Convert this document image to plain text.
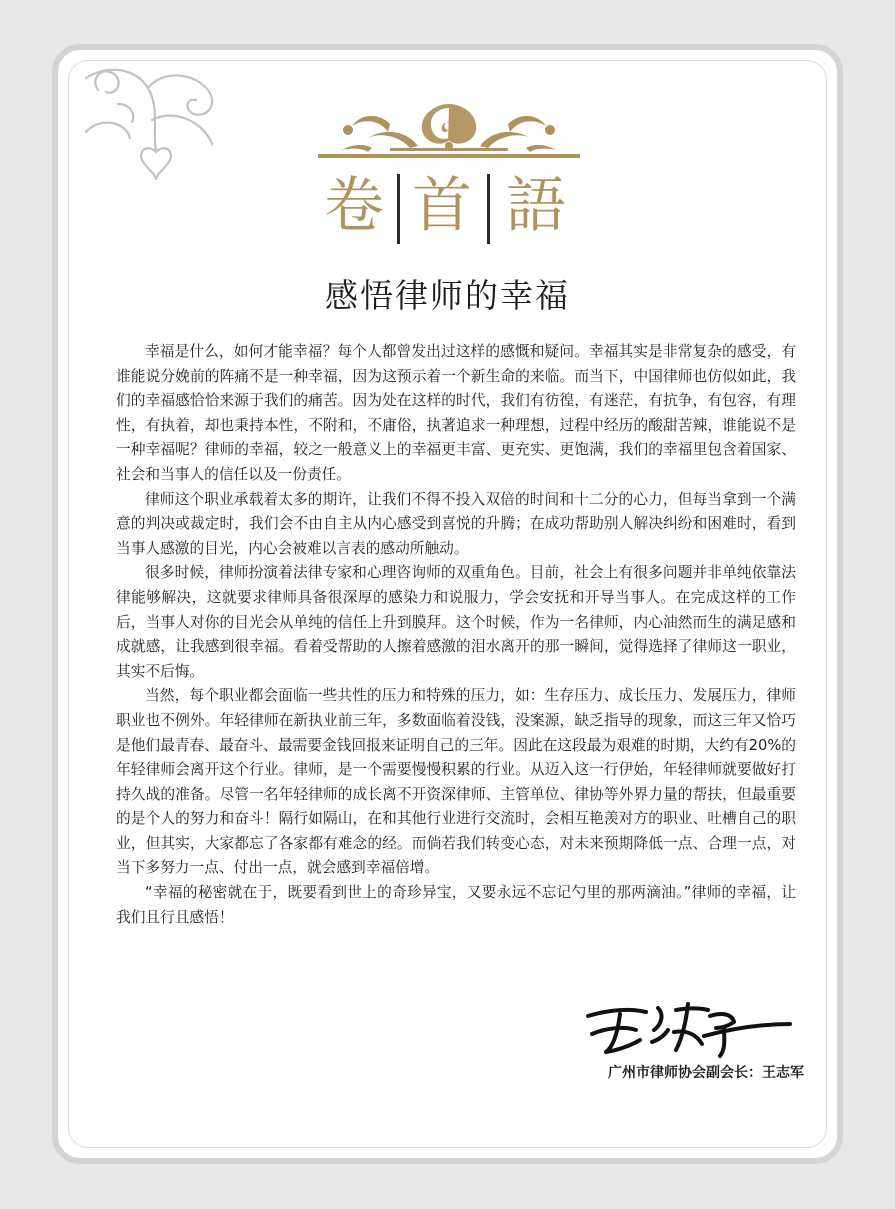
卷 首 語
感悟律师的幸福

幸福是什么，如何才能幸福？每个人都曾发出过这样的感慨和疑问。幸福其实是非常复杂的感受，有谁能说分娩前的阵痛不是一种幸福，因为这预示着一个新生命的来临。而当下，中国律师也仿似如此，我们的幸福感恰恰来源于我们的痛苦。因为处在这样的时代，我们有彷徨，有迷茫，有抗争，有包容，有理性，有执着，却也秉持本性，不附和，不庸俗，执著追求一种理想，过程中经历的酸甜苦辣，谁能说不是一种幸福呢？律师的幸福，较之一般意义上的幸福更丰富、更充实、更饱满，我们的幸福里包含着国家、社会和当事人的信任以及一份责任。

律师这个职业承载着太多的期许，让我们不得不投入双倍的时间和十二分的心力，但每当拿到一个满意的判决或裁定时，我们会不由自主从内心感受到喜悦的升腾；在成功帮助别人解决纠纷和困难时，看到当事人感激的目光，内心会被难以言表的感动所触动。

很多时候，律师扮演着法律专家和心理咨询师的双重角色。目前，社会上有很多问题并非单纯依靠法律能够解决，这就要求律师具备很深厚的感染力和说服力，学会安抚和开导当事人。在完成这样的工作后，当事人对你的目光会从单纯的信任上升到膜拜。这个时候，作为一名律师，内心油然而生的满足感和成就感，让我感到很幸福。看着受帮助的人擦着感激的泪水离开的那一瞬间，觉得选择了律师这一职业，其实不后悔。

当然，每个职业都会面临一些共性的压力和特殊的压力，如：生存压力、成长压力、发展压力，律师职业也不例外。年轻律师在新执业前三年，多数面临着没钱，没案源，缺乏指导的现象，而这三年又恰巧是他们最青春、最奋斗、最需要金钱回报来证明自己的三年。因此在这段最为艰难的时期，大约有20%的年轻律师会离开这个行业。律师，是一个需要慢慢积累的行业。从迈入这一行伊始，年轻律师就要做好打持久战的准备。尽管一名年轻律师的成长离不开资深律师、主管单位、律协等外界力量的帮扶，但最重要的是个人的努力和奋斗！隔行如隔山，在和其他行业进行交流时，会相互艳羡对方的职业、吐槽自己的职业，但其实，大家都忘了各家都有难念的经。而倘若我们转变心态，对未来预期降低一点、合理一点，对当下多努力一点、付出一点，就会感到幸福倍增。

“幸福的秘密就在于，既要看到世上的奇珍异宝，又要永远不忘记勺里的那两滴油。”律师的幸福，让我们且行且感悟！

广州市律师协会副会长：王志军
